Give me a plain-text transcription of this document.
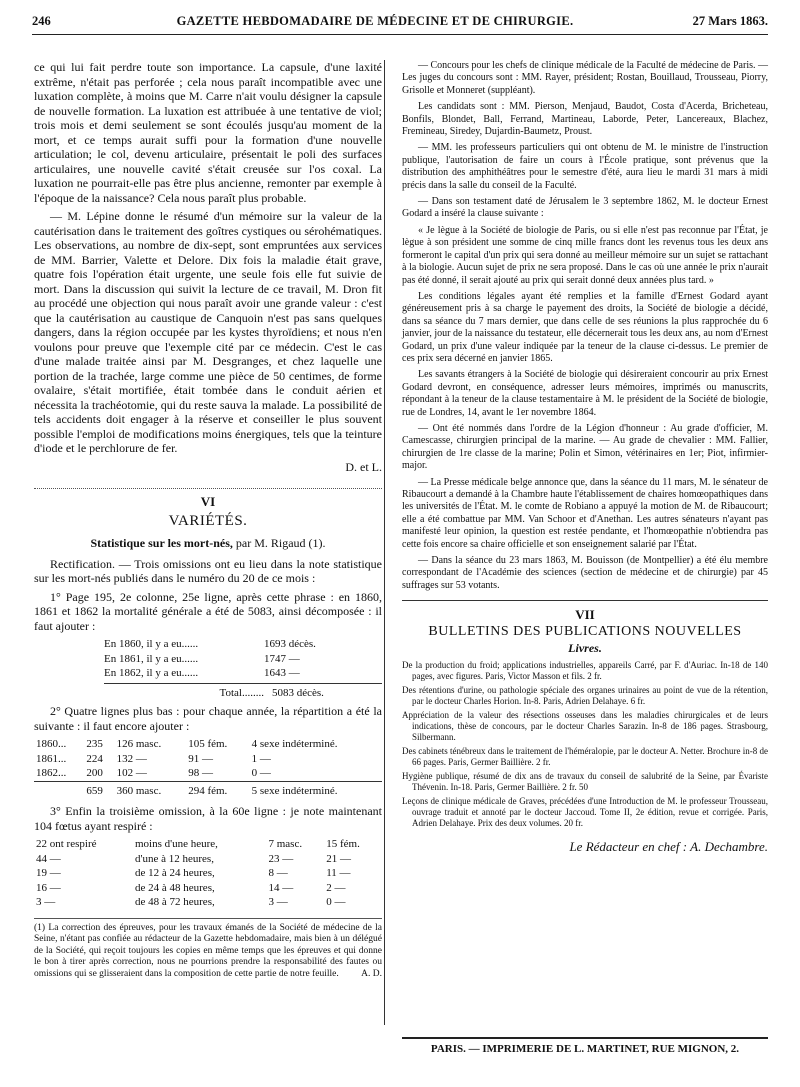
246	GAZETTE HEBDOMADAIRE DE MÉDECINE ET DE CHIRURGIE.	27 Mars 1863.

ce qui lui fait perdre toute son importance. La capsule, d'une laxité extrême, n'était pas perforée ; cela nous paraît incompatible avec une luxation complète, à moins que M. Carre n'ait voulu désigner la capsule de nouvelle formation. La luxation est attribuée à une tentative de viol; trois mois et demi seulement se sont écoulés jusqu'au moment de la mort, et ce temps aurait suffi pour la formation d'une nouvelle articulation; le col, devenu articulaire, présentait le poli des surfaces articulaires, une nouvelle cavité s'était creusée sur l'os coxal. La luxation ne pourrait-elle pas être plus ancienne, remonter par exemple à l'époque de la naissance? Cela nous paraît plus probable.

— M. Lépine donne le résumé d'un mémoire sur la valeur de la cautérisation dans le traitement des goîtres cystiques ou sérohématiques. Les observations, au nombre de dix-sept, sont empruntées aux services de MM. Barrier, Valette et Delore. Dix fois la maladie était grave, quatre fois l'opération était urgente, une seule fois elle fut suivie de mort. Dans la discussion qui suivit la lecture de ce travail, M. Dron fit au procédé une objection qui nous paraît avoir une grande valeur : c'est que la cautérisation au caustique de Canquoin n'est pas sans quelques dangers, dans la région occupée par les kystes thyroïdiens; et nous n'en voulons pour preuve que l'exemple cité par ce médecin. C'est le cas d'une malade traitée ainsi par M. Desgranges, et chez laquelle une portion de la trachée, large comme une pièce de 50 centimes, de forme ovalaire, s'était mortifiée, était tombée dans le conduit aérien et nécessita la trachéotomie, qui du reste sauva la malade. La possibilité de tels accidents doit engager à la réserve et conseiller le plus souvent possible l'emploi de modifications moins énergiques, tels que la teinture d'iode et le perchlorure de fer.

D. et L.
VI
VARIÉTÉS.
Statistique sur les mort-nés, par M. Rigaud (1).

Rectification. — Trois omissions ont eu lieu dans la note statistique sur les mort-nés publiés dans le numéro du 20 de ce mois :

1° Page 195, 2e colonne, 25e ligne, après cette phrase : en 1860, 1861 et 1862 la mortalité générale a été de 5083, ainsi décomposée : il faut ajouter :

En 1860, il y a eu......	1693 décès.
En 1861, il y a eu......	1747 —
En 1862, il y a eu......	1643 —
Total........ 5083 décès.

2° Quatre lignes plus bas : pour chaque année, la répartition a été la suivante : il faut encore ajouter :

1860...	235	126 masc.	105 fém.	4 sexe indéterminé.
1861...	224	132 —	91 —	1 —
1862...	200	102 —	98 —	0 —
	659	360 masc.	294 fém.	5 sexe indéterminé.

3° Enfin la troisième omission, à la 60e ligne : je note maintenant 104 fœtus ayant respiré :

22 ont respiré	moins d'une heure,	7 masc.	15 fém.
44 —	d'une à 12 heures,	23 —	21 —
19 —	de 12 à 24 heures,	8 —	11 —
16 —	de 24 à 48 heures,	14 —	2 —
3 —	de 48 à 72 heures,	3 —	0 —
(1) La correction des épreuves, pour les travaux émanés de la Société de médecine de la Seine, n'étant pas confiée au rédacteur de la Gazette hebdomadaire, mais bien à un délégué de la Société, qui reçoit toujours les copies en même temps que les épreuves et qui donne le bon à tirer après correction, nous ne pourrions prendre la responsabilité des fautes ou omissions qui se glisseraient dans la composition de cette partie de notre feuille. A. D.

— Concours pour les chefs de clinique médicale de la Faculté de médecine de Paris. — Les juges du concours sont : MM. Rayer, président; Rostan, Bouillaud, Trousseau, Piorry, Grisolle et Monneret (suppléant).

Les candidats sont : MM. Pierson, Menjaud, Baudot, Costa d'Acerda, Bricheteau, Bonfils, Blondet, Ball, Ferrand, Martineau, Laborde, Peter, Lancereaux, Blachez, Fremineau, Siredey, Dujardin-Baumetz, Proust.

— MM. les professeurs particuliers qui ont obtenu de M. le ministre de l'instruction publique, l'autorisation de faire un cours à l'École pratique, sont prévenus que la distribution des amphithéâtres pour le semestre d'été, aura lieu le mardi 31 mars à midi précis dans la salle du conseil de la Faculté.

— Dans son testament daté de Jérusalem le 3 septembre 1862, M. le docteur Ernest Godard a inséré la clause suivante :

« Je lègue à la Société de biologie de Paris, ou si elle n'est pas reconnue par l'État, je lègue à son président une somme de cinq mille francs dont les revenus tous les deux ans formeront le capital d'un prix qui sera donné au meilleur mémoire sur un sujet se rattachant à la biologie. Aucun sujet de prix ne sera proposé. Dans le cas où une année le prix n'aurait pas été donné, il serait ajouté au prix qui serait donné deux années plus tard. »

Les conditions légales ayant été remplies et la famille d'Ernest Godard ayant généreusement pris à sa charge le payement des droits, la Société de biologie a décidé, dans sa séance du 7 mars dernier, que dans celle de ses réunions la plus rapprochée du 6 janvier, jour de la naissance du testateur, elle décernerait tous les deux ans, au nom d'Ernest Godard, un prix d'une valeur indiquée par la teneur de la clause ci-dessus. Le premier de ces prix sera décerné en janvier 1865.

Les savants étrangers à la Société de biologie qui désireraient concourir au prix Ernest Godard devront, en conséquence, adresser leurs mémoires, imprimés ou manuscrits, répondant à la teneur de la clause testamentaire à M. le président de la Société de biologie, rue de Londres, 14, avant le 1er novembre 1864.

— Ont été nommés dans l'ordre de la Légion d'honneur : Au grade d'officier, M. Camescasse, chirurgien principal de la marine. — Au grade de chevalier : MM. Fallier, chirurgien de 1re classe de la marine; Polin et Simon, vétérinaires en 1er; Piot, infirmier-major.

— La Presse médicale belge annonce que, dans la séance du 11 mars, M. le sénateur de Ribaucourt a demandé à la Chambre haute l'établissement de chaires homœopathiques dans les universités de l'État. M. le comte de Robiano a appuyé la motion de M. de Ribaucourt; elle a été combattue par MM. Van Schoor et d'Anethan. Les autres sénateurs n'ayant pas manifesté leur opinion, la question est restée pendante, et l'homœopathie n'obtiendra pas cette fois encore sa chaire officielle et son enseignement salarié par l'État.

— Dans la séance du 23 mars 1863, M. Bouisson (de Montpellier) a été élu membre correspondant de l'Académie des sciences (section de médecine et de chirurgie) par 45 suffrages sur 53 votants.

VII
BULLETINS DES PUBLICATIONS NOUVELLES
Livres.

De la production du froid; applications industrielles, appareils Carré, par F. d'Auriac. In-18 de 140 pages, avec figures. Paris, Victor Masson et fils. 2 fr.

Des rétentions d'urine, ou pathologie spéciale des organes urinaires au point de vue de la rétention, par le docteur Charles Horion. In-8. Paris, Adrien Delahaye. 6 fr.

Appréciation de la valeur des résections osseuses dans les maladies chirurgicales et de leurs indications, thèse de concours, par le docteur Charles Sarazin. In-8 de 186 pages. Strasbourg, Silbermann.

Des cabinets ténébreux dans le traitement de l'héméralopie, par le docteur A. Netter. Brochure in-8 de 66 pages. Paris, Germer Baillière. 2 fr.

Hygiène publique, résumé de dix ans de travaux du conseil de salubrité de la Seine, par Évariste Thévenin. In-18. Paris, Germer Baillière. 2 fr. 50

Leçons de clinique médicale de Graves, précédées d'une Introduction de M. le professeur Trousseau, ouvrage traduit et annoté par le docteur Jaccoud. Tome II, 2e édition, revue et corrigée. Paris, Adrien Delahaye. Prix des deux volumes. 20 fr.

Le Rédacteur en chef : A. Dechambre.
PARIS. — IMPRIMERIE DE L. MARTINET, RUE MIGNON, 2.
